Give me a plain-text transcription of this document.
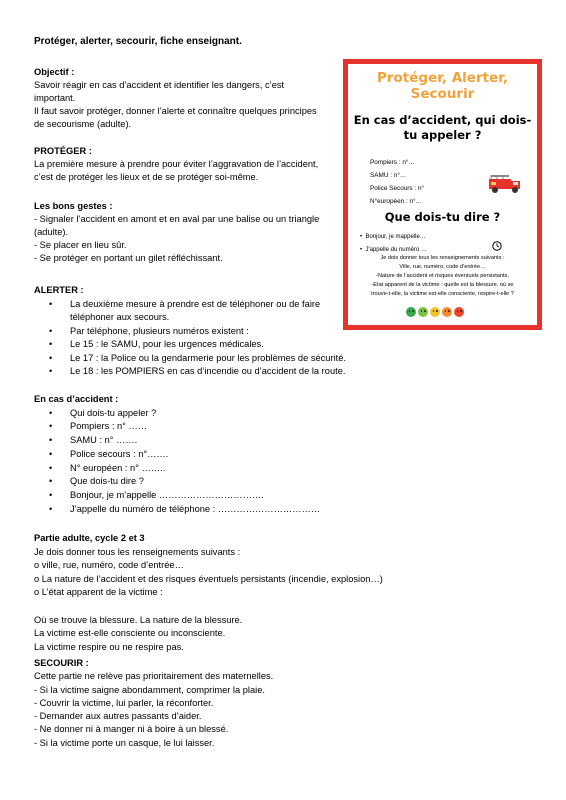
Protéger, alerter, secourir, fiche enseignant.
Objectif :
Savoir réagir en cas d’accident et identifier les dangers, c’est
important.
Il faut savoir protéger, donner l’alerte et connaître quelques principes
de secourisme (adulte).
PROTÉGER :
La première mesure à prendre pour éviter l’aggravation de l’accident,
c’est de protéger les lieux et de se protéger soi-même.
Les bons gestes :
- Signaler l’accident en amont et en aval par une balise ou un triangle
(adulte).
- Se placer en lieu sûr.
- Se protéger en portant un gilet réfléchissant.
ALERTER :
• La deuxième mesure à prendre est de téléphoner ou de faire
téléphoner aux secours.
• Par téléphone, plusieurs numéros existent :
• Le 15 : le SAMU, pour les urgences médicales.
• Le 17 : la Police ou la gendarmerie pour les problèmes de sécurité.
• Le 18 : les POMPIERS en cas d’incendie ou d’accident de la route.
En cas d’accident :
• Qui dois-tu appeler ?
• Pompiers : n° ……
• SAMU : n° …….
• Police secours : n°…….
• N° européen : n° ……..
• Que dois-tu dire ?
• Bonjour, je m’appelle …………………………….
• J’appelle du numéro de téléphone : ……………………………
Partie adulte, cycle 2 et 3
Je dois donner tous les renseignements suivants :
o ville, rue, numéro, code d’entrée…
o La nature de l’accident et des risques éventuels persistants (incendie, explosion…)
o L’état apparent de la victime :
Où se trouve la blessure. La nature de la blessure.
La victime est-elle consciente ou inconsciente.
La victime respire ou ne respire pas.
SECOURIR :
Cette partie ne relève pas prioritairement des maternelles.
- Si la victime saigne abondamment, comprimer la plaie.
- Couvrir la victime, lui parler, la réconforter.
- Demander aux autres passants d’aider.
- Ne donner ni à manger ni à boire à un blessé.
- Si la victime porte un casque, le lui laisser.
Protéger, Alerter,
Secourir
En cas d’accident, qui dois-
tu appeler ?
Pompiers : n°…
SAMU : n°…
Police Secours : n°
N°européen : n°…
Que dois-tu dire ?
•  Bonjour, je mappelle…
•  J'appelle du numéro …
Je dois donner tous les renseignements suivants :
Ville, rue, numéro, code d’entrée…
-Nature de l’accident et risques éventuels persistants,
-Etat apparent de la victime : quelle est la blessure, où se
trouve-t-elle, la victime est-elle consciente, respire-t-elle ?
